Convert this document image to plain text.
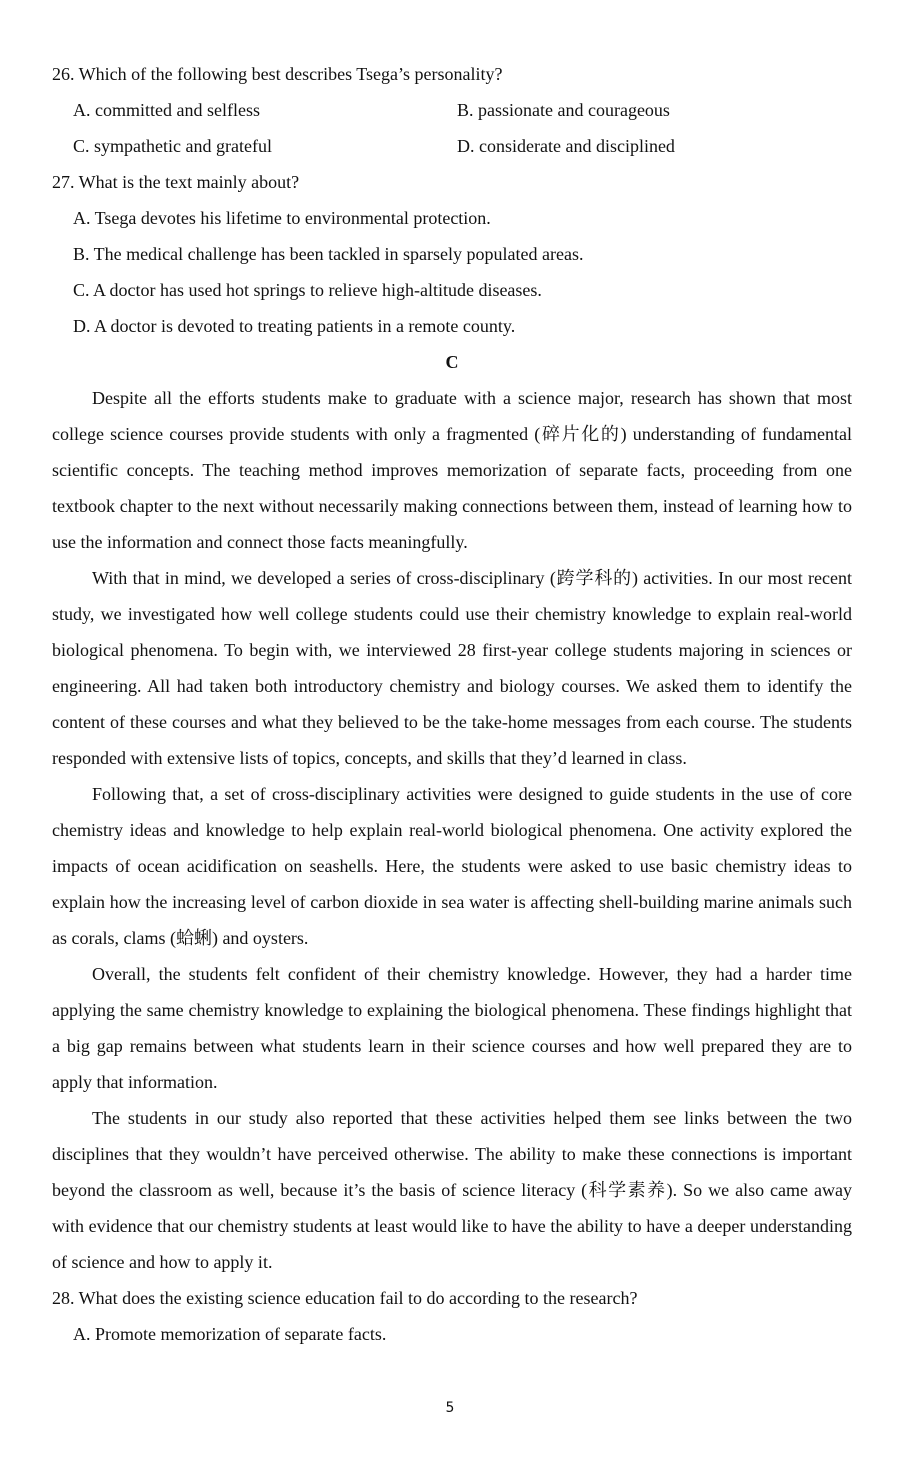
26. Which of the following best describes Tsega’s personality?
A. committed and selfless	B. passionate and courageous
C. sympathetic and grateful	D. considerate and disciplined
27. What is the text mainly about?
A. Tsega devotes his lifetime to environmental protection.
B. The medical challenge has been tackled in sparsely populated areas.
C. A doctor has used hot springs to relieve high-altitude diseases.
D. A doctor is devoted to treating patients in a remote county.
C

Despite all the efforts students make to graduate with a science major, research has shown that most college science courses provide students with only a fragmented (碎片化的) understanding of fundamental scientific concepts. The teaching method improves memorization of separate facts, proceeding from one textbook chapter to the next without necessarily making connections between them, instead of learning how to use the information and connect those facts meaningfully.

With that in mind, we developed a series of cross-disciplinary (跨学科的) activities. In our most recent study, we investigated how well college students could use their chemistry knowledge to explain real-world biological phenomena. To begin with, we interviewed 28 first-year college students majoring in sciences or engineering. All had taken both introductory chemistry and biology courses. We asked them to identify the content of these courses and what they believed to be the take-home messages from each course. The students responded with extensive lists of topics, concepts, and skills that they’d learned in class.

Following that, a set of cross-disciplinary activities were designed to guide students in the use of core chemistry ideas and knowledge to help explain real-world biological phenomena. One activity explored the impacts of ocean acidification on seashells. Here, the students were asked to use basic chemistry ideas to explain how the increasing level of carbon dioxide in sea water is affecting shell-building marine animals such as corals, clams (蛤蜊) and oysters.

Overall, the students felt confident of their chemistry knowledge. However, they had a harder time applying the same chemistry knowledge to explaining the biological phenomena. These findings highlight that a big gap remains between what students learn in their science courses and how well prepared they are to apply that information.

The students in our study also reported that these activities helped them see links between the two disciplines that they wouldn’t have perceived otherwise. The ability to make these connections is important beyond the classroom as well, because it’s the basis of science literacy (科学素养). So we also came away with evidence that our chemistry students at least would like to have the ability to have a deeper understanding of science and how to apply it.

28. What does the existing science education fail to do according to the research?
A. Promote memorization of separate facts.
5
